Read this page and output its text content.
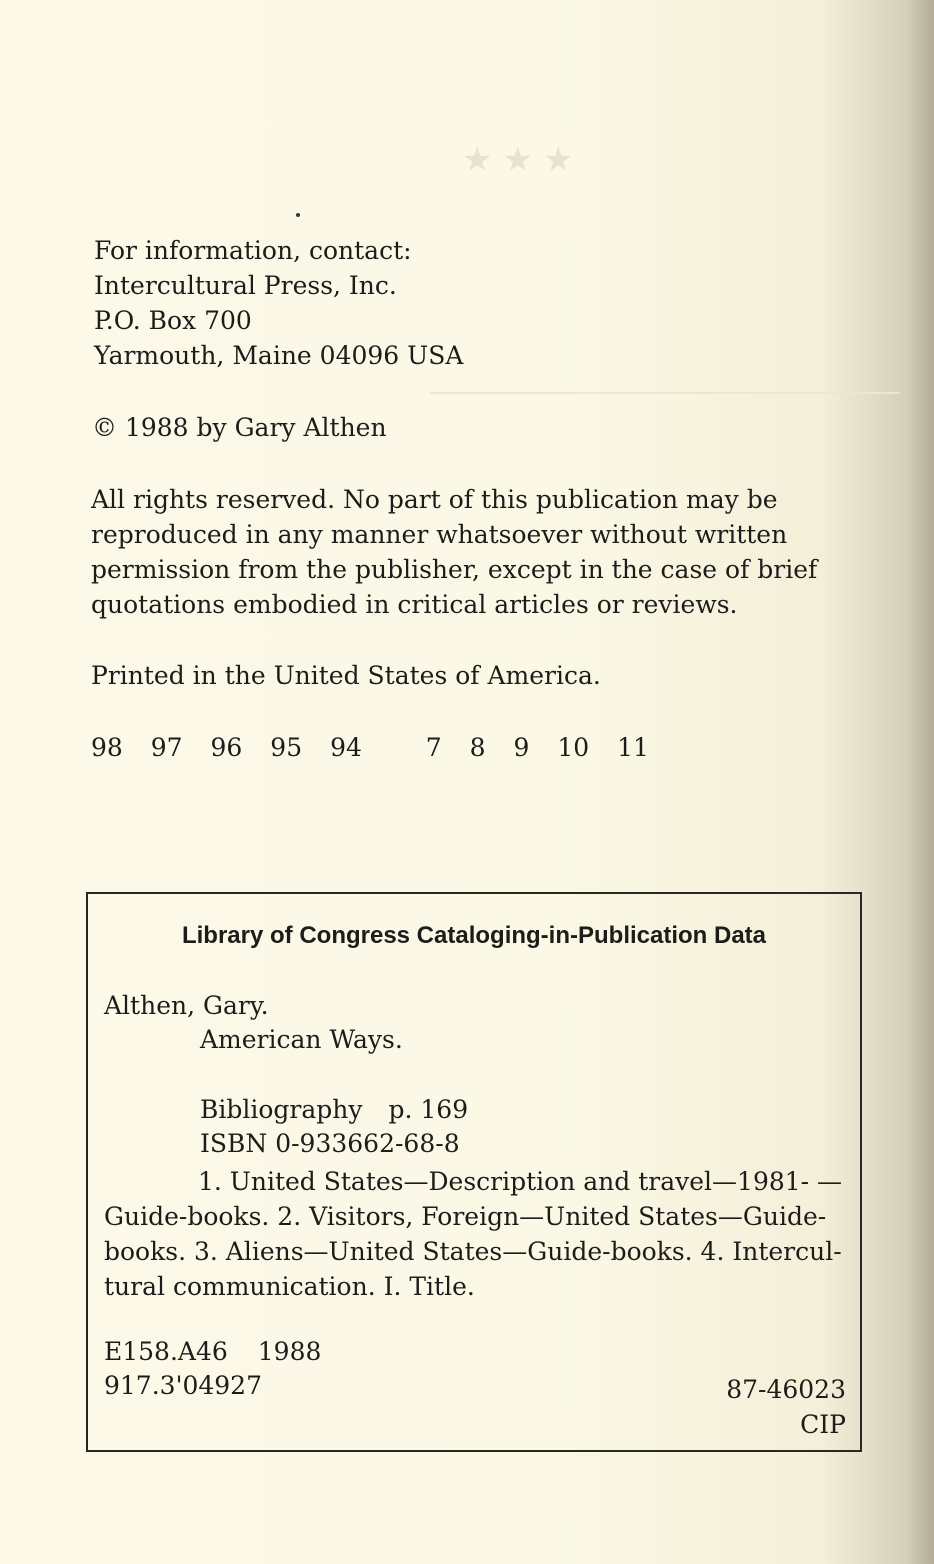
★★★
For information, contact:
Intercultural Press, Inc.
P.O. Box 700
Yarmouth, Maine 04096 USA
© 1988 by Gary Althen
All rights reserved. No part of this publication may be
reproduced in any manner whatsoever without written
permission from the publisher, except in the case of brief
quotations embodied in critical articles or reviews.
Printed in the United States of America.
98 97 96 95 94	7 8 9 10 11
Library of Congress Cataloging-in-Publication Data
Althen, Gary.
American Ways.
Bibliography p. 169
ISBN 0-933662-68-8
1. United States—Description and travel—1981- —
Guide-books. 2. Visitors, Foreign—United States—Guide-
books. 3. Aliens—United States—Guide-books. 4. Intercul-
tural communication. I. Title.
E158.A46 1988
917.3'04927	87-46023
CIP
